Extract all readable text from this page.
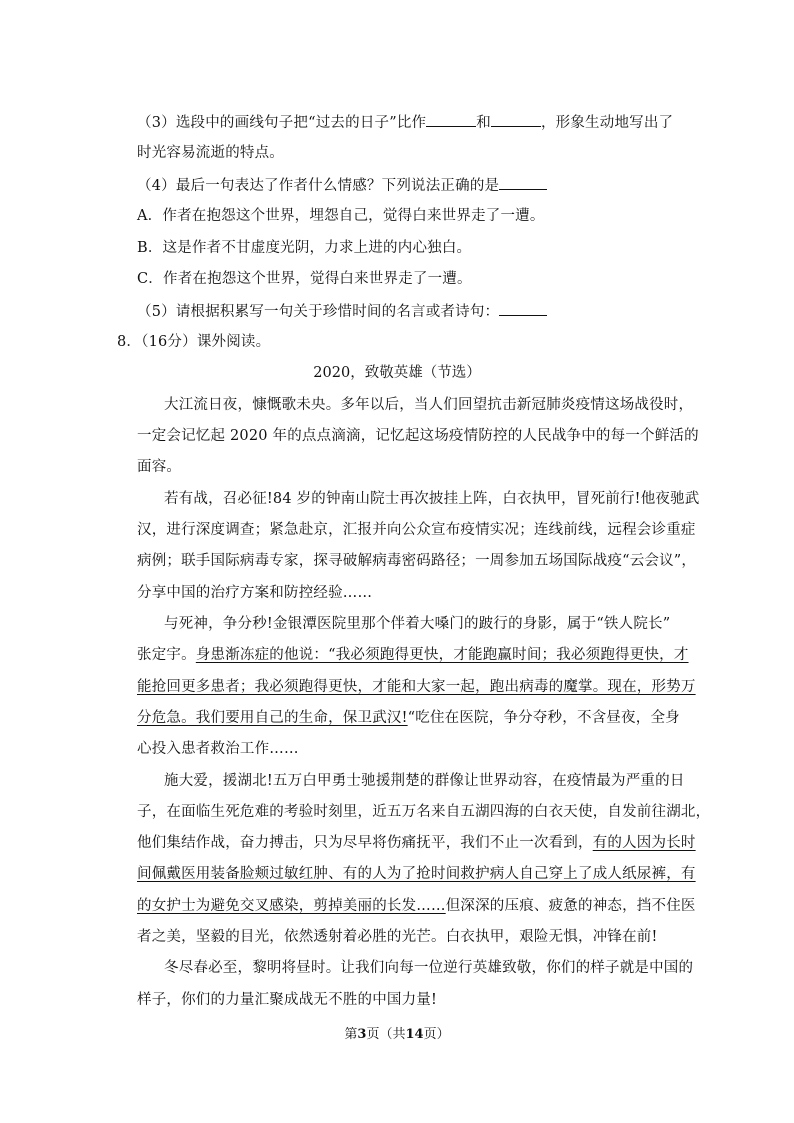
（3）选段中的画线句子把“过去的日子”比作	和	，形象生动地写出了
时光容易流逝的特点。
（4）最后一句表达了作者什么情感？下列说法正确的是
A．作者在抱怨这个世界，埋怨自己，觉得白来世界走了一遭。
B．这是作者不甘虚度光阴，力求上进的内心独白。
C．作者在抱怨这个世界，觉得白来世界走了一遭。
（5）请根据积累写一句关于珍惜时间的名言或者诗句：
8．（16分）课外阅读。
2020，致敬英雄（节选）
大江流日夜，慷慨歌未央。多年以后，当人们回望抗击新冠肺炎疫情这场战役时，
一定会记忆起 2020 年的点点滴滴，记忆起这场疫情防控的人民战争中的每一个鲜活的
面容。
若有战，召必征!84 岁的钟南山院士再次披挂上阵，白衣执甲，冒死前行!他夜驰武
汉，进行深度调查；紧急赴京，汇报并向公众宣布疫情实况；连线前线，远程会诊重症
病例；联手国际病毒专家，探寻破解病毒密码路径；一周参加五场国际战疫“云会议”，
分享中国的治疗方案和防控经验……
与死神，争分秒!金银潭医院里那个伴着大嗓门的跛行的身影，属于“铁人院长”
张定宇。身患渐冻症的他说：“我必须跑得更快，才能跑赢时间；我必须跑得更快，才
能抢回更多患者；我必须跑得更快，才能和大家一起，跑出病毒的魔掌。现在，形势万
分危急。我们要用自己的生命，保卫武汉!“吃住在医院，争分夺秒，不含昼夜，全身
心投入患者救治工作……
施大爱，援湖北!五万白甲勇士驰援荆楚的群像让世界动容，在疫情最为严重的日
子，在面临生死危难的考验时刻里，近五万名来自五湖四海的白衣天使，自发前往湖北，
他们集结作战，奋力搏击，只为尽早将伤痛抚平，我们不止一次看到，有的人因为长时
间佩戴医用装备脸颊过敏红肿、有的人为了抢时间救护病人自己穿上了成人纸尿裤，有
的女护士为避免交叉感染，剪掉美丽的长发……但深深的压痕、疲惫的神态，挡不住医
者之美，坚毅的目光，依然透射着必胜的光芒。白衣执甲，艰险无惧，冲锋在前!
冬尽春必至，黎明将昼时。让我们向每一位逆行英雄致敬，你们的样子就是中国的
样子，你们的力量汇聚成战无不胜的中国力量!
第3页（共14页）
